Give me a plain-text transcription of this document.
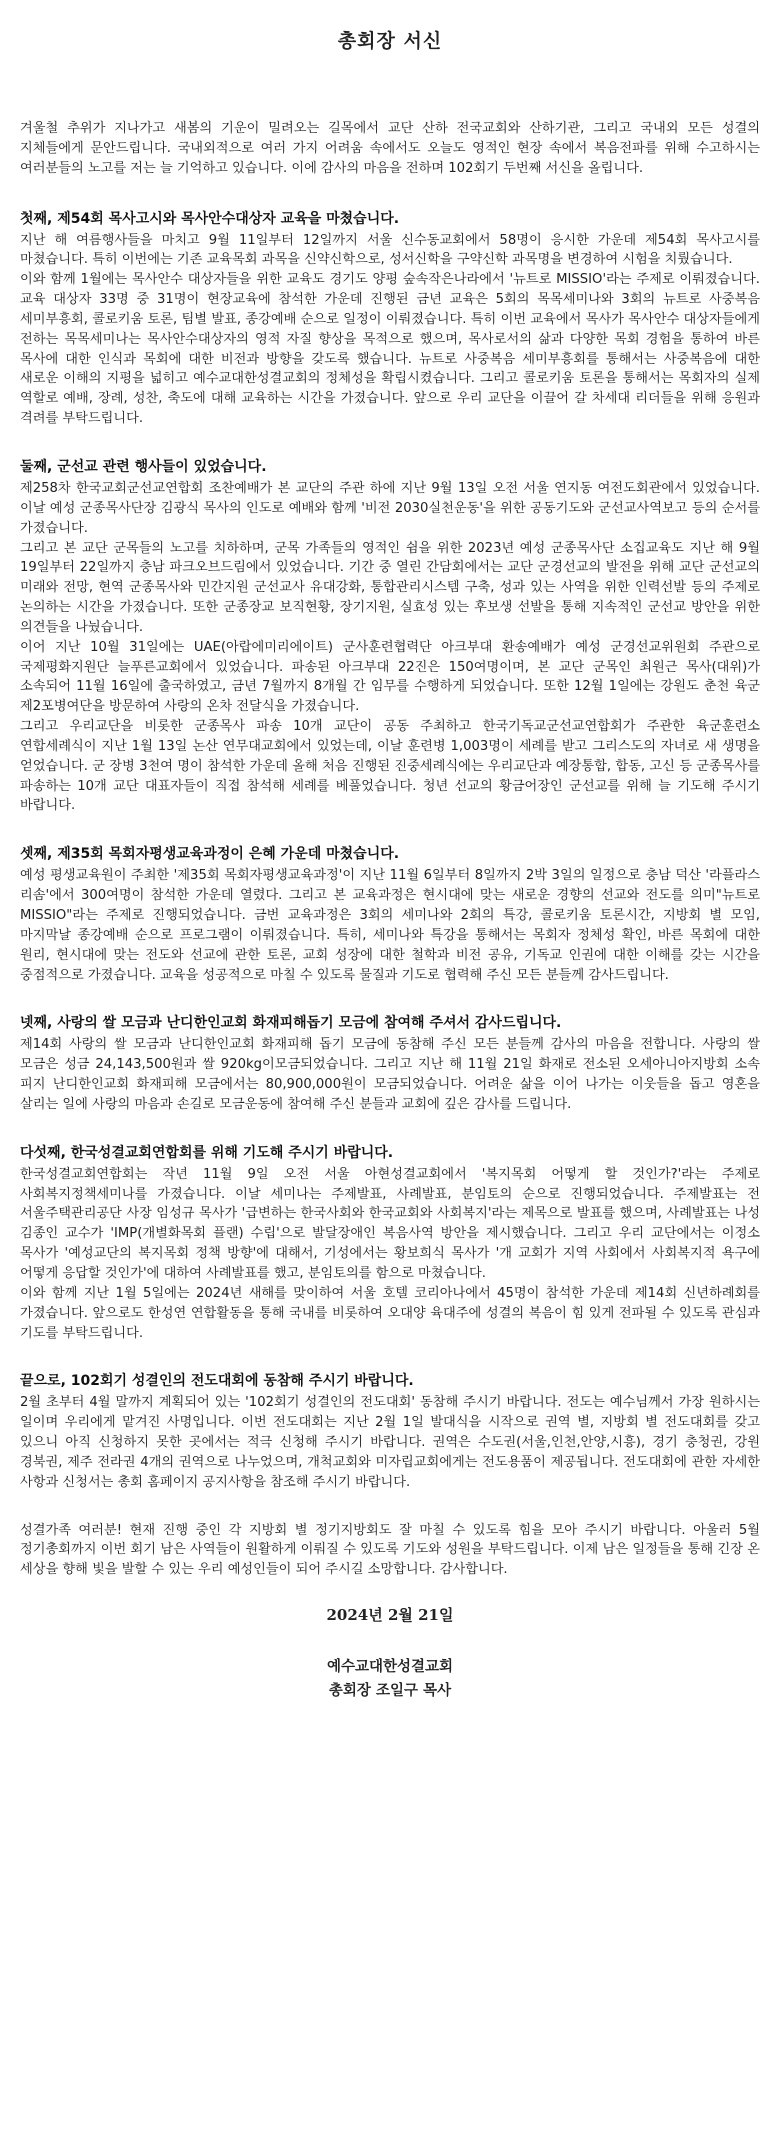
총회장 서신

겨울철 추위가 지나가고 새봄의 기운이 밀려오는 길목에서 교단 산하 전국교회와 산하기관, 그리고 국내외 모든 성결의 지체들에게 문안드립니다. 국내외적으로 여러 가지 어려움 속에서도 오늘도 영적인 현장 속에서 복음전파를 위해 수고하시는 여러분들의 노고를 저는 늘 기억하고 있습니다. 이에 감사의 마음을 전하며 102회기 두번째 서신을 올립니다.

첫째, 제54회 목사고시와 목사안수대상자 교육을 마쳤습니다.

지난 해 여름행사들을 마치고 9월 11일부터 12일까지 서울 신수동교회에서 58명이 응시한 가운데 제54회 목사고시를 마쳤습니다. 특히 이번에는 기존 교육목회 과목을 신약신학으로, 성서신학을 구약신학 과목명을 변경하여 시험을 치뤘습니다.

이와 함께 1월에는 목사안수 대상자들을 위한 교육도 경기도 양평 숲속작은나라에서 '뉴트로 MISSIO'라는 주제로 이뤄졌습니다. 교육 대상자 33명 중 31명이 현장교육에 참석한 가운데 진행된 금년 교육은 5회의 목목세미나와 3회의 뉴트로 사중복음 세미부흥회, 콜로키움 토론, 팀별 발표, 종강예배 순으로 일정이 이뤄졌습니다. 특히 이번 교육에서 목사가 목사안수 대상자들에게 전하는 목목세미나는 목사안수대상자의 영적 자질 향상을 목적으로 했으며, 목사로서의 삶과 다양한 목회 경험을 통하여 바른 목사에 대한 인식과 목회에 대한 비전과 방향을 갖도록 했습니다. 뉴트로 사중복음 세미부흥회를 통해서는 사중복음에 대한 새로운 이해의 지평을 넓히고 예수교대한성결교회의 정체성을 확립시켰습니다. 그리고 콜로키움 토론을 통해서는 목회자의 실제 역할로 예배, 장례, 성찬, 축도에 대해 교육하는 시간을 가졌습니다. 앞으로 우리 교단을 이끌어 갈 차세대 리더들을 위해 응원과 격려를 부탁드립니다.

둘째, 군선교 관련 행사들이 있었습니다.

제258차 한국교회군선교연합회 조찬예배가 본 교단의 주관 하에 지난 9월 13일 오전 서울 연지동 여전도회관에서 있었습니다. 이날 예성 군종목사단장 김광식 목사의 인도로 예배와 함께 '비전 2030실천운동'을 위한 공동기도와 군선교사역보고 등의 순서를 가졌습니다.

그리고 본 교단 군목들의 노고를 치하하며, 군목 가족들의 영적인 쉼을 위한 2023년 예성 군종목사단 소집교육도 지난 해 9월 19일부터 22일까지 충남 파크오브드림에서 있었습니다. 기간 중 열린 간담회에서는 교단 군경선교의 발전을 위해 교단 군선교의 미래와 전망, 현역 군종목사와 민간지원 군선교사 유대강화, 통합관리시스템 구축, 성과 있는 사역을 위한 인력선발 등의 주제로 논의하는 시간을 가졌습니다. 또한 군종장교 보직현황, 장기지원, 실효성 있는 후보생 선발을 통해 지속적인 군선교 방안을 위한 의견들을 나눴습니다.

이어 지난 10월 31일에는 UAE(아랍에미리에이트) 군사훈련협력단 아크부대 환송예배가 예성 군경선교위원회 주관으로 국제평화지원단 늘푸른교회에서 있었습니다. 파송된 아크부대 22진은 150여명이며, 본 교단 군목인 최원근 목사(대위)가 소속되어 11월 16일에 출국하였고, 금년 7월까지 8개월 간 임무를 수행하게 되었습니다. 또한 12월 1일에는 강원도 춘천 육군 제2포병여단을 방문하여 사랑의 온차 전달식을 가졌습니다.

그리고 우리교단을 비롯한 군종목사 파송 10개 교단이 공동 주최하고 한국기독교군선교연합회가 주관한 육군훈련소 연합세례식이 지난 1월 13일 논산 연무대교회에서 있었는데, 이날 훈련병 1,003명이 세례를 받고 그리스도의 자녀로 새 생명을 얻었습니다. 군 장병 3천여 명이 참석한 가운데 올해 처음 진행된 진중세례식에는 우리교단과 예장통합, 합동, 고신 등 군종목사를 파송하는 10개 교단 대표자들이 직접 참석해 세례를 베풀었습니다. 청년 선교의 황금어장인 군선교를 위해 늘 기도해 주시기 바랍니다.

셋째, 제35회 목회자평생교육과정이 은혜 가운데 마쳤습니다.

예성 평생교육원이 주최한 '제35회 목회자평생교육과정'이 지난 11월 6일부터 8일까지 2박 3일의 일정으로 충남 덕산 '라플라스 리솜'에서 300여명이 참석한 가운데 열렸다. 그리고 본 교육과정은 현시대에 맞는 새로운 경향의 선교와 전도를 의미"뉴트로 MISSIO"라는 주제로 진행되었습니다. 금번 교육과정은 3회의 세미나와 2회의 특강, 콜로키움 토론시간, 지방회 별 모임, 마지막날 종강예배 순으로 프로그램이 이뤄졌습니다. 특히, 세미나와 특강을 통해서는 목회자 정체성 확인, 바른 목회에 대한 원리, 현시대에 맞는 전도와 선교에 관한 토론, 교회 성장에 대한 철학과 비전 공유, 기독교 인권에 대한 이해를 갖는 시간을 중점적으로 가졌습니다. 교육을 성공적으로 마칠 수 있도록 물질과 기도로 협력해 주신 모든 분들께 감사드립니다.

넷째, 사랑의 쌀 모금과 난디한인교회 화재피해돕기 모금에 참여해 주셔서 감사드립니다.

제14회 사랑의 쌀 모금과 난디한인교회 화재피해 돕기 모금에 동참해 주신 모든 분들께 감사의 마음을 전합니다. 사랑의 쌀 모금은 성금 24,143,500원과 쌀 920kg이모금되었습니다. 그리고 지난 해 11월 21일 화재로 전소된 오세아니아지방회 소속 피지 난디한인교회 화재피해 모금에서는 80,900,000원이 모금되었습니다. 어려운 삶을 이어 나가는 이웃들을 돕고 영혼을 살리는 일에 사랑의 마음과 손길로 모금운동에 참여해 주신 분들과 교회에 깊은 감사를 드립니다.

다섯째, 한국성결교회연합회를 위해 기도해 주시기 바랍니다.

한국성결교회연합회는 작년 11월 9일 오전 서울 아현성결교회에서 '복지목회 어떻게 할 것인가?'라는 주제로 사회복지정책세미나를 가졌습니다. 이날 세미나는 주제발표, 사례발표, 분임토의 순으로 진행되었습니다. 주제발표는 전 서울주택관리공단 사장 임성규 목사가 '급변하는 한국사회와 한국교회와 사회복지'라는 제목으로 발표를 했으며, 사례발표는 나성 김종인 교수가 'IMP(개별화목회 플랜) 수립'으로 발달장애인 복음사역 방안을 제시했습니다. 그리고 우리 교단에서는 이정소 목사가 '예성교단의 복지목회 정책 방향'에 대해서, 기성에서는 황보희식 목사가 '개 교회가 지역 사회에서 사회복지적 욕구에 어떻게 응답할 것인가'에 대하여 사례발표를 했고, 분임토의를 함으로 마쳤습니다.

이와 함께 지난 1월 5일에는 2024년 새해를 맞이하여 서울 호텔 코리아나에서 45명이 참석한 가운데 제14회 신년하례회를 가졌습니다. 앞으로도 한성연 연합활동을 통해 국내를 비롯하여 오대양 육대주에 성결의 복음이 힘 있게 전파될 수 있도록 관심과 기도를 부탁드립니다.

끝으로, 102회기 성결인의 전도대회에 동참해 주시기 바랍니다.

2월 초부터 4월 말까지 계획되어 있는 '102회기 성결인의 전도대회' 동참해 주시기 바랍니다. 전도는 예수님께서 가장 원하시는 일이며 우리에게 맡겨진 사명입니다. 이번 전도대회는 지난 2월 1일 발대식을 시작으로 권역 별, 지방회 별 전도대회를 갖고 있으니 아직 신청하지 못한 곳에서는 적극 신청해 주시기 바랍니다. 권역은 수도권(서울,인천,안양,시흥), 경기 충청권, 강원 경북권, 제주 전라권 4개의 권역으로 나누었으며, 개척교회와 미자립교회에게는 전도용품이 제공됩니다. 전도대회에 관한 자세한 사항과 신청서는 총회 홈페이지 공지사항을 참조해 주시기 바랍니다.

성결가족 여러분! 현재 진행 중인 각 지방회 별 정기지방회도 잘 마칠 수 있도록 힘을 모아 주시기 바랍니다. 아울러 5월 정기총회까지 이번 회기 남은 사역들이 원활하게 이뤄질 수 있도록 기도와 성원을 부탁드립니다. 이제 남은 일정들을 통해 긴장 온 세상을 향해 빛을 발할 수 있는 우리 예성인들이 되어 주시길 소망합니다. 감사합니다.

2024년 2월 21일

예수교대한성결교회

총회장 조일구 목사
